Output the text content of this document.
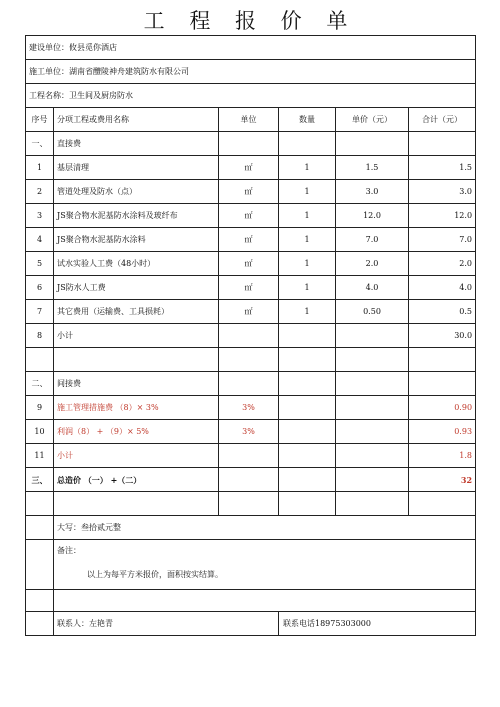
工 程 报 价 单
建设单位：攸县觅你酒店					
施工单位：湖南省醴陵神舟建筑防水有限公司					
工程名称：卫生间及厨房防水					
序号	分项工程或费用名称	单位	数量	单价（元）	合计（元）
一、	直接费				
1	基层清理	㎡	1	1.5	1.5
2	管道处理及防水（点）	㎡	1	3.0	3.0
3	JS聚合物水泥基防水涂料及玻纤布	㎡	1	12.0	12.0
4	JS聚合物水泥基防水涂料	㎡	1	7.0	7.0
5	试水实验人工费（48小时）	㎡	1	2.0	2.0
6	JS防水人工费	㎡	1	4.0	4.0
7	其它费用（运输费、工具损耗）	㎡	1	0.50	0.5
8	小计				30.0

二、	间接费				
9	施工管理措施费 （8）× 3%	3%			0.90
10	利润（8） + （9）× 5%	3%			0.93
11	小计				1.8
三、	总造价 （一） +（二）				32

	大写：叁拾贰元整				

	备注：
以上为每平方米报价，面积按实结算。				

	联系人：左艳青		联系电话18975303000		
